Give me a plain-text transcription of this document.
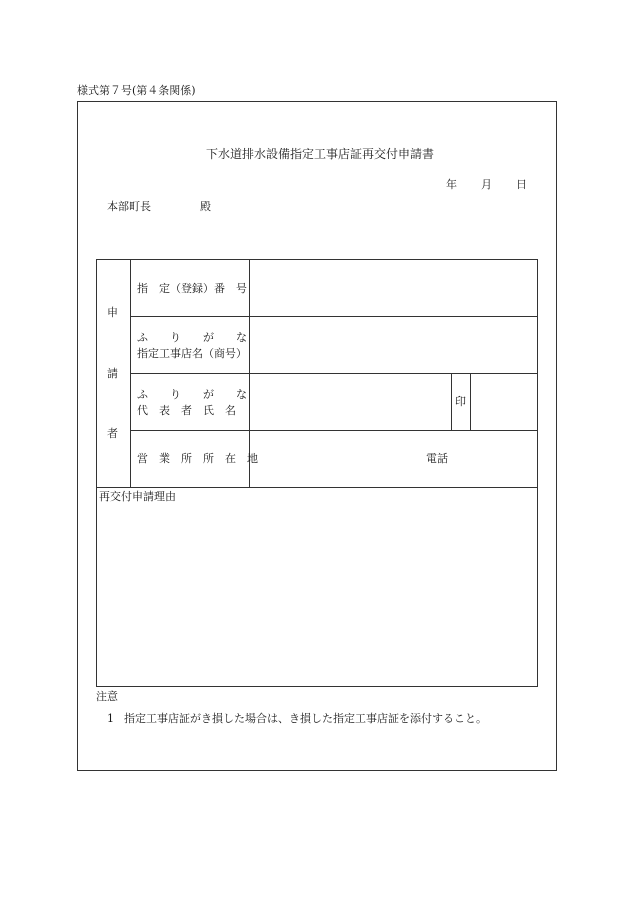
様式第７号(第４条関係)
下水道排水設備指定工事店証再交付申請書
年 月 日
本部町長	殿
申
請
者
指　定（登録）番　号
ふ　　り　　が　　な
指定工事店名（商号）
ふ　　り　　が　　な
代　表　者　氏　名
印
営　業　所　所　在　地	電話
再交付申請理由
注意
1 指定工事店証がき損した場合は、き損した指定工事店証を添付すること。
